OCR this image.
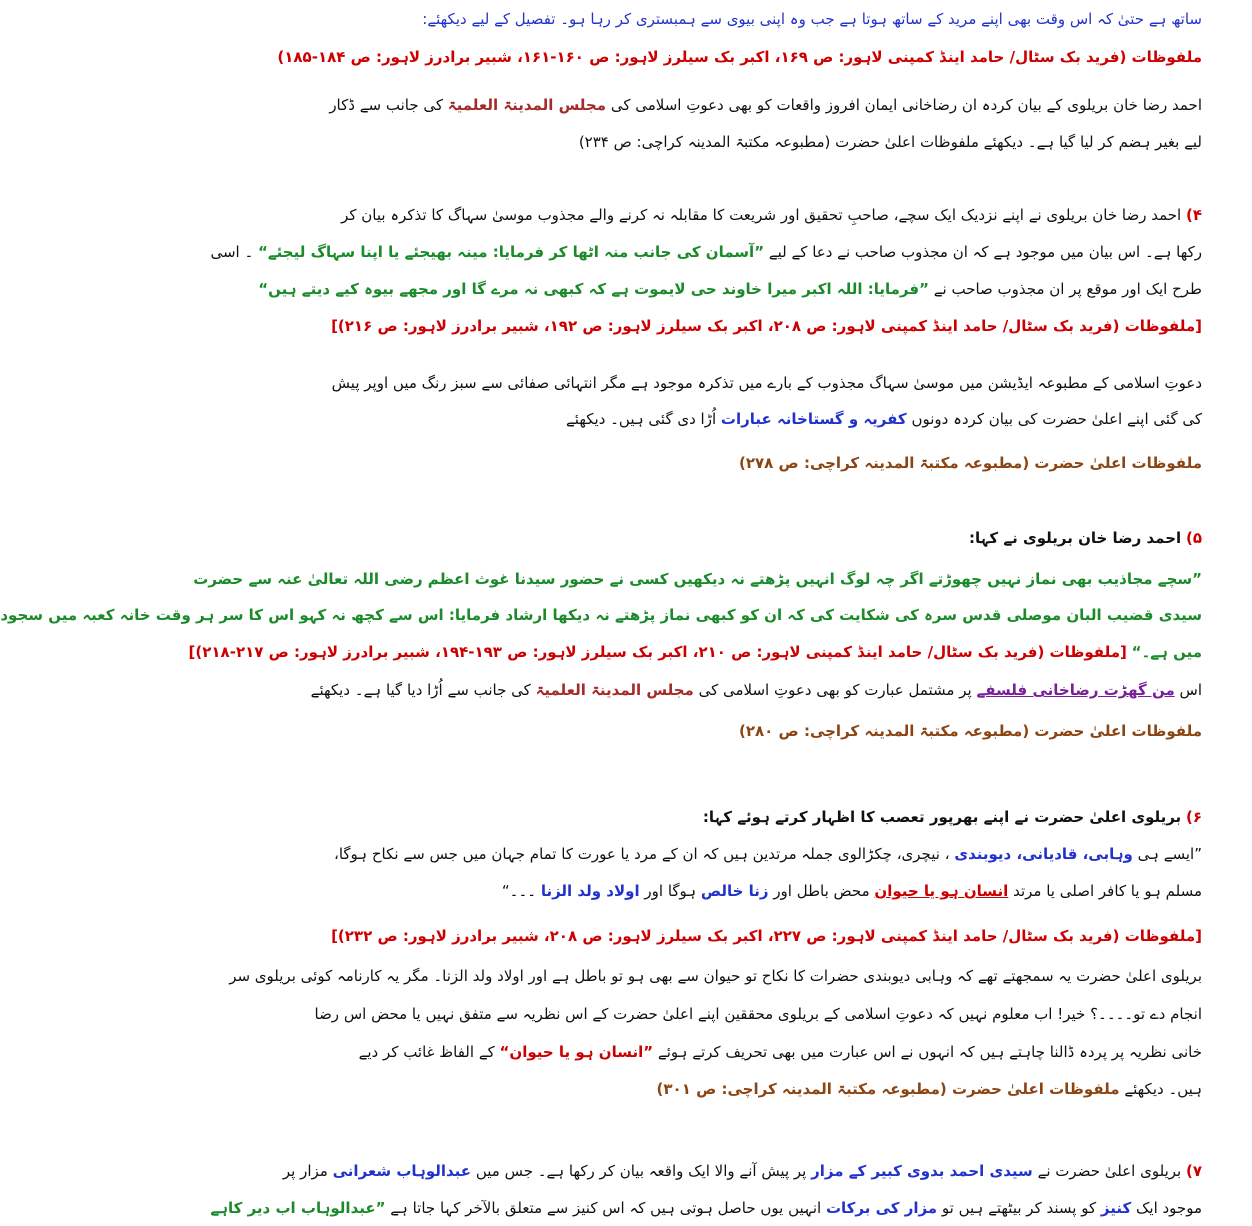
ساتھ ہے حتیٰ کہ اس وقت بھی اپنے مرید کے ساتھ ہوتا ہے جب وہ اپنی بیوی سے ہمبستری کر رہا ہو۔ تفصیل کے لیے دیکھئے:
ملفوظات (فرید بک سٹال/ حامد اینڈ کمپنی لاہور: ص ۱۶۹، اکبر بک سیلرز لاہور: ص ۱۶۰-۱۶۱، شبیر برادرز لاہور: ص ۱۸۴-۱۸۵)
احمد رضا خان بریلوی کے بیان کردہ ان رضاخانی ایمان افروز واقعات کو بھی دعوتِ اسلامی کی مجلس المدینۃ العلمیۃ کی جانب سے ڈکار
لیے بغیر ہضم کر لیا گیا ہے۔ دیکھئے ملفوظات اعلیٰ حضرت (مطبوعہ مکتبۃ المدینہ کراچی: ص ۲۳۴)
۴) احمد رضا خان بریلوی نے اپنے نزدیک ایک سچے، صاحبِ تحقیق اور شریعت کا مقابلہ نہ کرنے والے مجذوب موسیٰ سہاگ کا تذکرہ بیان کر
رکھا ہے۔ اس بیان میں موجود ہے کہ ان مجذوب صاحب نے دعا کے لیے ”آسمان کی جانب منہ اٹھا کر فرمایا: مینہ بھیجئے یا اپنا سہاگ لیجئے“ ۔ اسی
طرح ایک اور موقع پر ان مجذوب صاحب نے ”فرمایا: اللہ اکبر میرا خاوند حی لایموت ہے کہ کبھی نہ مرے گا اور مجھے بیوہ کیے دیتے ہیں“
[ملفوظات (فرید بک سٹال/ حامد اینڈ کمپنی لاہور: ص ۲۰۸، اکبر بک سیلرز لاہور: ص ۱۹۲، شبیر برادرز لاہور: ص ۲۱۶)]
دعوتِ اسلامی کے مطبوعہ ایڈیشن میں موسیٰ سہاگ مجذوب کے بارے میں تذکرہ موجود ہے مگر انتہائی صفائی سے سبز رنگ میں اوپر پیش
کی گئی اپنے اعلیٰ حضرت کی بیان کردہ دونوں کفریہ و گستاخانہ عبارات اُڑا دی گئی ہیں۔ دیکھئے
ملفوظات اعلیٰ حضرت (مطبوعہ مکتبۃ المدینہ کراچی: ص ۲۷۸)
۵) احمد رضا خان بریلوی نے کہا:
”سچے مجاذیب بھی نماز نہیں چھوڑتے اگر چہ لوگ انہیں پڑھتے نہ دیکھیں کسی نے حضور سیدنا غوث اعظم رضی اللہ تعالیٰ عنہ سے حضرت
سیدی قضیب البان موصلی قدس سرہ کی شکایت کی کہ ان کو کبھی نماز پڑھتے نہ دیکھا ارشاد فرمایا: اس سے کچھ نہ کہو اس کا سر ہر وقت خانہ کعبہ میں سجود
میں ہے۔“ [ملفوظات (فرید بک سٹال/ حامد اینڈ کمپنی لاہور: ص ۲۱۰، اکبر بک سیلرز لاہور: ص ۱۹۳-۱۹۴، شبیر برادرز لاہور: ص ۲۱۷-۲۱۸)]
اس من گھڑت رضاخانی فلسفے پر مشتمل عبارت کو بھی دعوتِ اسلامی کی مجلس المدینۃ العلمیۃ کی جانب سے اُڑا دیا گیا ہے۔ دیکھئے
ملفوظات اعلیٰ حضرت (مطبوعہ مکتبۃ المدینہ کراچی: ص ۲۸۰)
۶) بریلوی اعلیٰ حضرت نے اپنے بھرپور تعصب کا اظہار کرتے ہوئے کہا:
”ایسے ہی وہابی، قادیانی، دیوبندی ، نیچری، چکڑالوی جملہ مرتدین ہیں کہ ان کے مرد یا عورت کا تمام جہان میں جس سے نکاح ہوگا،
مسلم ہو یا کافر اصلی یا مرتد انسان ہو یا حیوان محض باطل اور زنا خالص ہوگا اور اولاد ولد الزنا ۔۔۔“
[ملفوظات (فرید بک سٹال/ حامد اینڈ کمپنی لاہور: ص ۲۲۷، اکبر بک سیلرز لاہور: ص ۲۰۸، شبیر برادرز لاہور: ص ۲۳۲)]
بریلوی اعلیٰ حضرت یہ سمجھتے تھے کہ وہابی دیوبندی حضرات کا نکاح تو حیوان سے بھی ہو تو باطل ہے اور اولاد ولد الزنا۔ مگر یہ کارنامہ کوئی بریلوی سر
انجام دے تو۔۔۔۔؟ خیر! اب معلوم نہیں کہ دعوتِ اسلامی کے بریلوی محققین اپنے اعلیٰ حضرت کے اس نظریہ سے متفق نہیں یا محض اس رضا
خانی نظریہ پر پردہ ڈالنا چاہتے ہیں کہ انہوں نے اس عبارت میں بھی تحریف کرتے ہوئے ”انسان ہو یا حیوان“ کے الفاظ غائب کر دیے
ہیں۔ دیکھئے ملفوظات اعلیٰ حضرت (مطبوعہ مکتبۃ المدینہ کراچی: ص ۳۰۱)
۷) بریلوی اعلیٰ حضرت نے سیدی احمد بدوی کبیر کے مزار پر پیش آنے والا ایک واقعہ بیان کر رکھا ہے۔ جس میں عبدالوہاب شعرانی مزار پر
موجود ایک کنیز کو پسند کر بیٹھتے ہیں تو مزار کی برکات انہیں یوں حاصل ہوتی ہیں کہ اس کنیز سے متعلق بالآخر کہا جاتا ہے ”عبدالوہاب اب دیر کاہے
